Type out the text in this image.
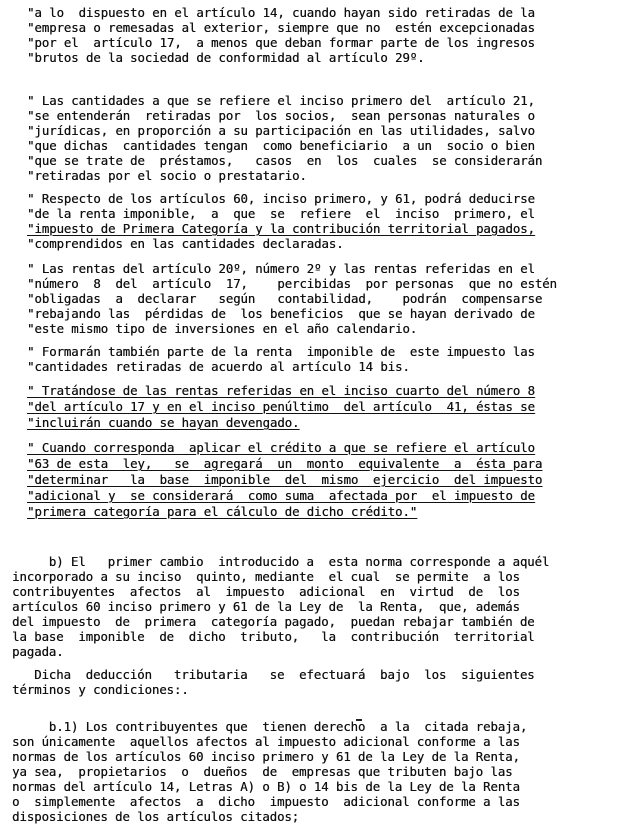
"a lo  dispuesto en el artículo 14, cuando hayan sido retiradas de la
"empresa o remesadas al exterior, siempre que no  estén excepcionadas
"por el  artículo 17,  a menos que deban formar parte de los ingresos
"brutos de la sociedad de conformidad al artículo 29º.
" Las cantidades a que se refiere el inciso primero del  artículo 21,
"se entenderán  retiradas por  los socios,  sean personas naturales o
"jurídicas, en proporción a su participación en las utilidades, salvo
"que dichas  cantidades tengan  como beneficiario  a un  socio o bien
"que se trate de  préstamos,   casos  en  los  cuales  se considerarán
"retiradas por el socio o prestatario.
" Respecto de los artículos 60, inciso primero, y 61, podrá deducirse
"de la renta imponible,  a  que  se  refiere  el  inciso  primero, el
"impuesto de Primera Categoría y la contribución territorial pagados,
"comprendidos en las cantidades declaradas.
" Las rentas del artículo 20º, número 2º y las rentas referidas en el
"número  8  del  artículo  17,    percibidas  por personas  que no estén
"obligadas  a  declarar   según   contabilidad,    podrán  compensarse
"rebajando las  pérdidas de  los beneficios  que se hayan derivado de
"este mismo tipo de inversiones en el año calendario.
" Formarán también parte de la renta  imponible de  este impuesto las
"cantidades retiradas de acuerdo al artículo 14 bis.
" Tratándose de las rentas referidas en el inciso cuarto del número 8
"del artículo 17 y en el inciso penúltimo  del artículo  41, éstas se
"incluirán cuando se hayan devengado.
" Cuando corresponda  aplicar el crédito a que se refiere el artículo
"63 de esta  ley,   se  agregará  un  monto  equivalente  a  ésta para
"determinar   la  base  imponible  del  mismo  ejercicio  del impuesto
"adicional y  se considerará  como suma  afectada por  el impuesto de
"primera categoría para el cálculo de dicho crédito."
b) El   primer cambio  introducido a  esta norma corresponde a aquél
incorporado a su inciso  quinto, mediante  el cual  se permite  a los
contribuyentes  afectos  al  impuesto  adicional  en  virtud  de  los
artículos 60 inciso primero y 61 de la Ley de  la Renta,  que, además
del impuesto  de  primera  categoría pagado,  puedan rebajar también de
la base  imponible  de  dicho  tributo,   la  contribución  territorial
pagada.
Dicha  deducción   tributaria   se  efectuará  bajo  los  siguientes
términos y condiciones:.
b.1) Los contribuyentes que  tienen derecho  a la  citada rebaja,
son únicamente  aquellos afectos al impuesto adicional conforme a las
normas de los artículos 60 inciso primero y 61 de la Ley de la Renta,
ya sea,  propietarios  o  dueños  de  empresas que tributen bajo las
normas del artículo 14, Letras A) o B) o 14 bis de la Ley de la Renta
o  simplemente  afectos  a  dicho  impuesto  adicional conforme a las
disposiciones de los artículos citados;
